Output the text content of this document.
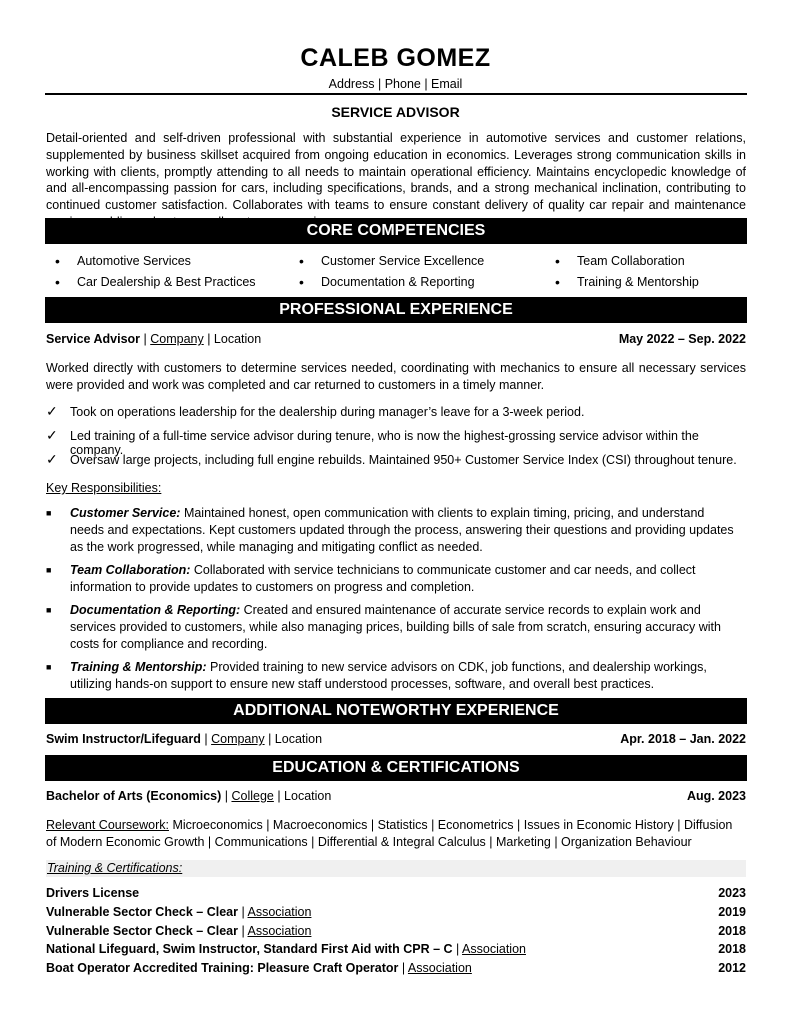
CALEB GOMEZ
Address | Phone | Email
SERVICE ADVISOR
Detail-oriented and self-driven professional with substantial experience in automotive services and customer relations, supplemented by business skillset acquired from ongoing education in economics. Leverages strong communication skills in working with clients, promptly attending to all needs to maintain operational efficiency. Maintains encyclopedic knowledge of and all-encompassing passion for cars, including specifications, brands, and a strong mechanical inclination, contributing to continued customer satisfaction. Collaborates with teams to ensure constant delivery of quality car repair and maintenance
CORE COMPETENCIES
• Automotive Services
• Car Dealership & Best Practices
• Customer Service Excellence
• Documentation & Reporting
• Team Collaboration
• Training & Mentorship
PROFESSIONAL EXPERIENCE
Service Advisor | Company | Location	May 2022 – Sep. 2022
Worked directly with customers to determine services needed, coordinating with mechanics to ensure all necessary services were provided and work was completed and car returned to customers in a timely manner.
✓ Took on operations leadership for the dealership during manager’s leave for a 3-week period.
✓ Led training of a full-time service advisor during tenure, who is now the highest-grossing service advisor within the company.
✓ Oversaw large projects, including full engine rebuilds. Maintained 950+ Customer Service Index (CSI) throughout tenure.
Key Responsibilities:
■ Customer Service: Maintained honest, open communication with clients to explain timing, pricing, and understand needs and expectations. Kept customers updated through the process, answering their questions and providing updates as the work progressed, while managing and mitigating conflict as needed.
■ Team Collaboration: Collaborated with service technicians to communicate customer and car needs, and collect information to provide updates to customers on progress and completion.
■ Documentation & Reporting: Created and ensured maintenance of accurate service records to explain work and services provided to customers, while also managing prices, building bills of sale from scratch, ensuring accuracy with costs for compliance and recording.
■ Training & Mentorship: Provided training to new service advisors on CDK, job functions, and dealership workings, utilizing hands-on support to ensure new staff understood processes, software, and overall best practices.
ADDITIONAL NOTEWORTHY EXPERIENCE
Swim Instructor/Lifeguard | Company | Location	Apr. 2018 – Jan. 2022
EDUCATION & CERTIFICATIONS
Bachelor of Arts (Economics) | College | Location	Aug. 2023
Relevant Coursework: Microeconomics | Macroeconomics | Statistics | Econometrics | Issues in Economic History | Diffusion of Modern Economic Growth | Communications | Differential & Integral Calculus | Marketing | Organization Behaviour
Training & Certifications:
Drivers License	2023
Vulnerable Sector Check – Clear | Association	2019
Vulnerable Sector Check – Clear | Association	2018
National Lifeguard, Swim Instructor, Standard First Aid with CPR – C | Association	2018
Boat Operator Accredited Training: Pleasure Craft Operator | Association	2012
